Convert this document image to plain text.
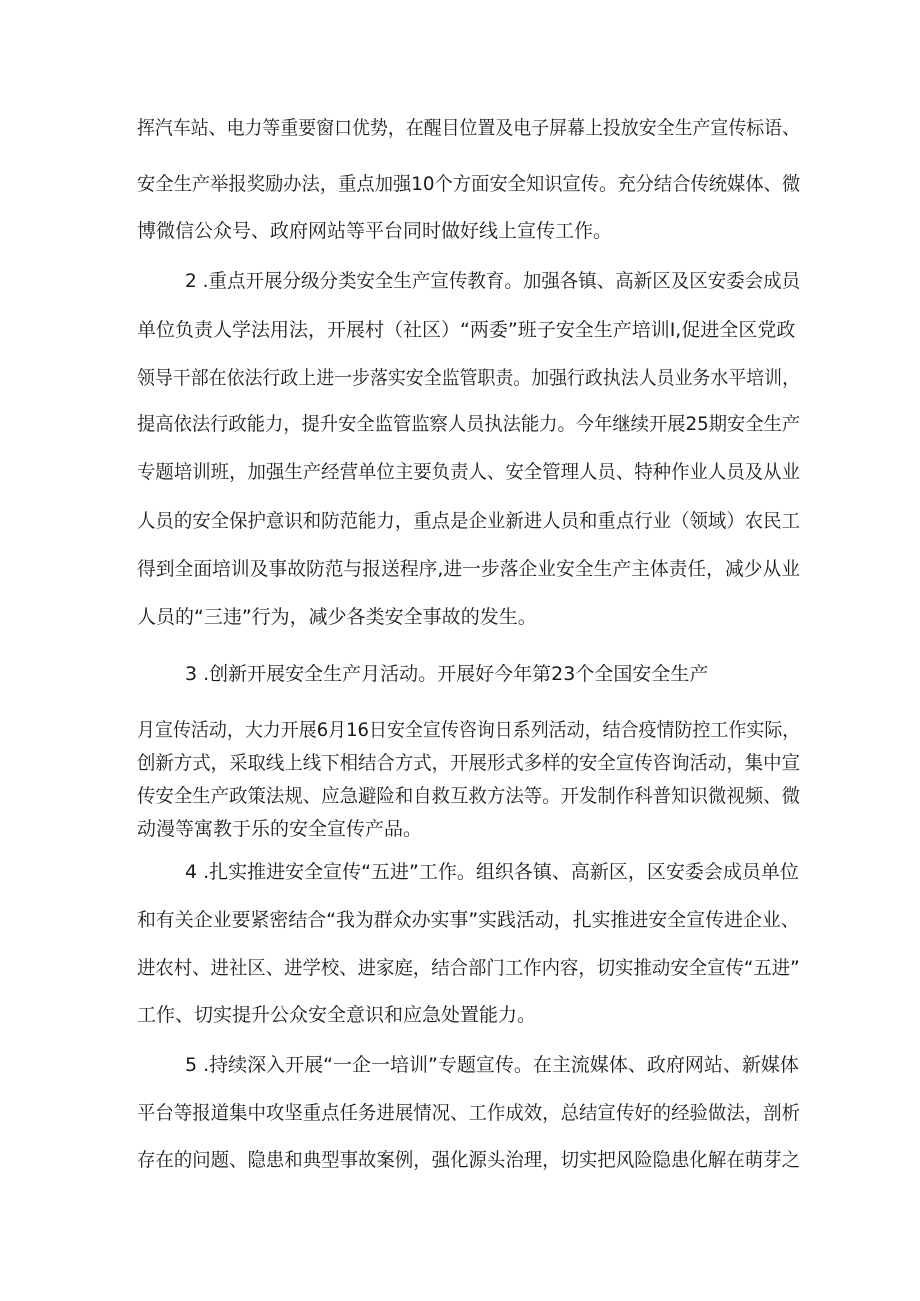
挥汽车站、电力等重要窗口优势，在醒目位置及电子屏幕上投放安全生产宣传标语、
安全生产举报奖励办法，重点加强10个方面安全知识宣传。充分结合传统媒体、微
博微信公众号、政府网站等平台同时做好线上宣传工作。
2 .重点开展分级分类安全生产宣传教育。加强各镇、高新区及区安委会成员
单位负责人学法用法，开展村（社区）“两委”班子安全生产培训I,促进全区党政
领导干部在依法行政上进一步落实安全监管职责。加强行政执法人员业务水平培训，
提高依法行政能力，提升安全监管监察人员执法能力。今年继续开展25期安全生产
专题培训班，加强生产经营单位主要负责人、安全管理人员、特种作业人员及从业
人员的安全保护意识和防范能力，重点是企业新进人员和重点行业（领域）农民工
得到全面培训及事故防范与报送程序,进一步落企业安全生产主体责任，减少从业
人员的“三违”行为，减少各类安全事故的发生。
3 .创新开展安全生产月活动。开展好今年第23个全国安全生产
月宣传活动，大力开展6月16日安全宣传咨询日系列活动，结合疫情防控工作实际，
创新方式，采取线上线下相结合方式，开展形式多样的安全宣传咨询活动，集中宣
传安全生产政策法规、应急避险和自救互救方法等。开发制作科普知识微视频、微
动漫等寓教于乐的安全宣传产品。
4 .扎实推进安全宣传“五进”工作。组织各镇、高新区，区安委会成员单位
和有关企业要紧密结合“我为群众办实事”实践活动，扎实推进安全宣传进企业、
进农村、进社区、进学校、进家庭，结合部门工作内容，切实推动安全宣传“五进”
工作、切实提升公众安全意识和应急处置能力。
5 .持续深入开展“一企一培训”专题宣传。在主流媒体、政府网站、新媒体
平台等报道集中攻坚重点任务进展情况、工作成效，总结宣传好的经验做法，剖析
存在的问题、隐患和典型事故案例，强化源头治理，切实把风险隐患化解在萌芽之
